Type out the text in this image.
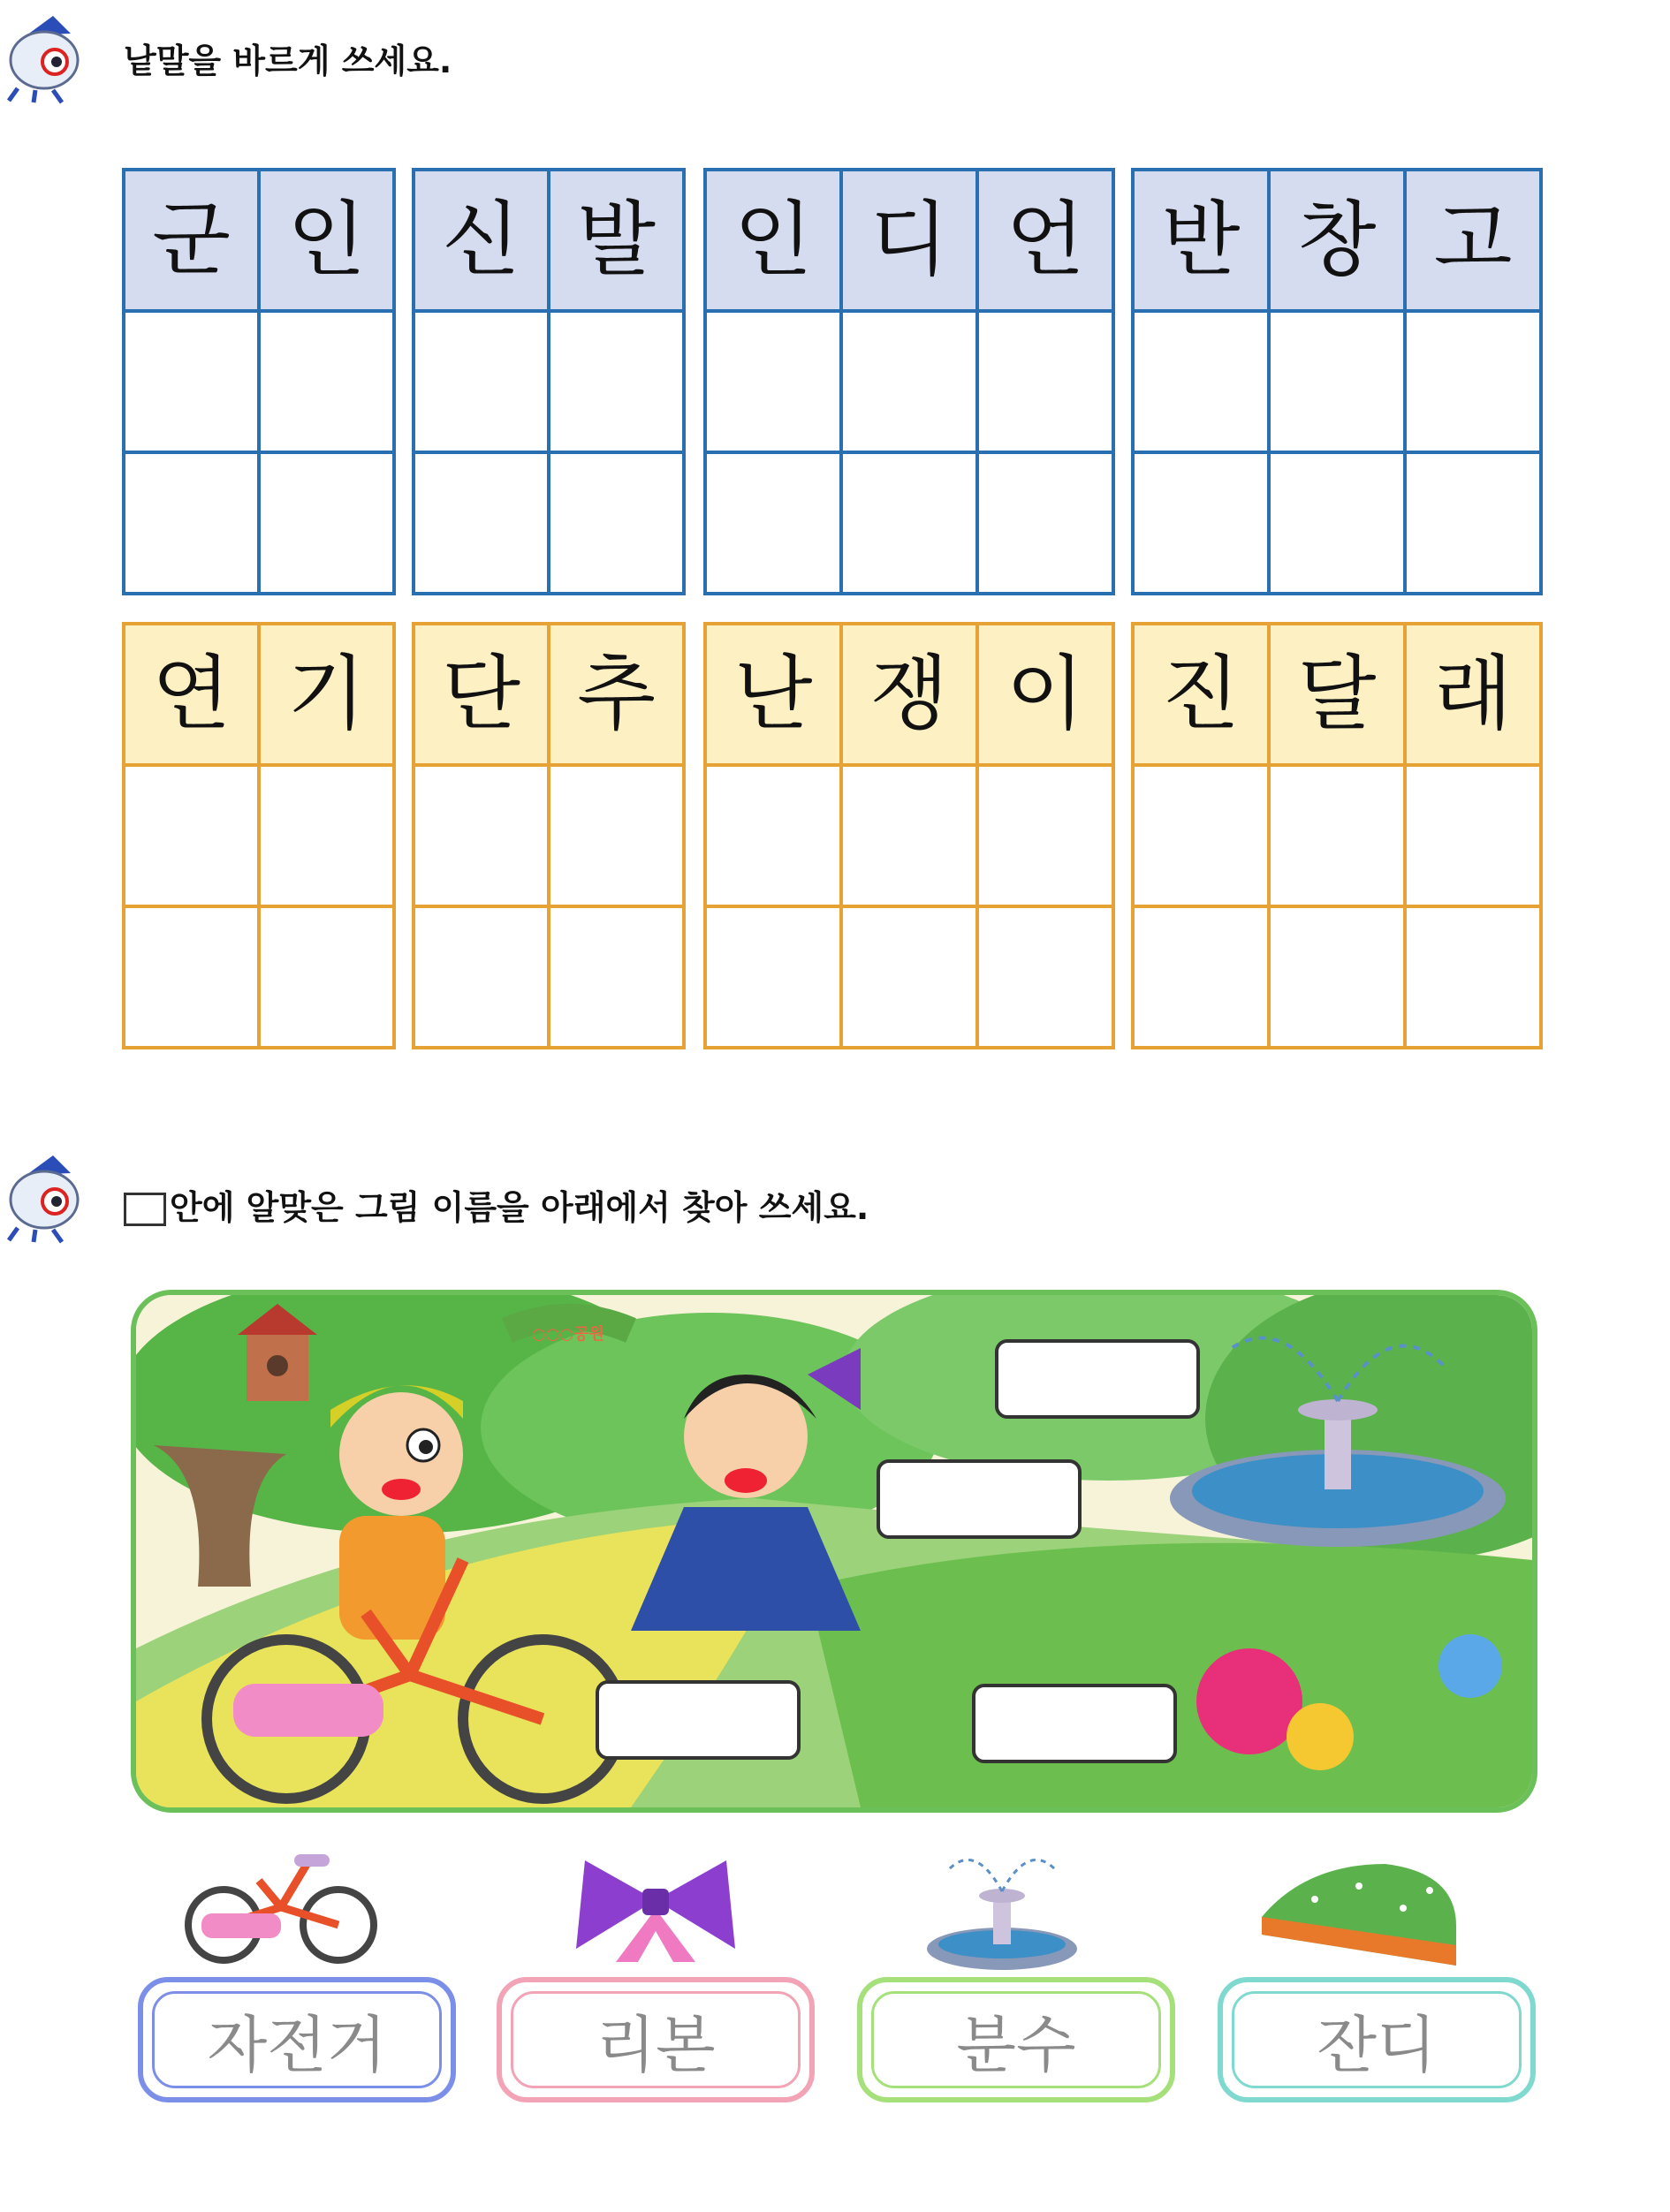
낱말을 바르게 쓰세요.
군	인

	신	발

	인	디	언

		반	창	고

연	기

	단	추

	난	쟁	이

		진	달	래

안에 알맞은 그림 이름을 아래에서 찾아 쓰세요.
○○○공원
자전거	리본	분수	잔디
